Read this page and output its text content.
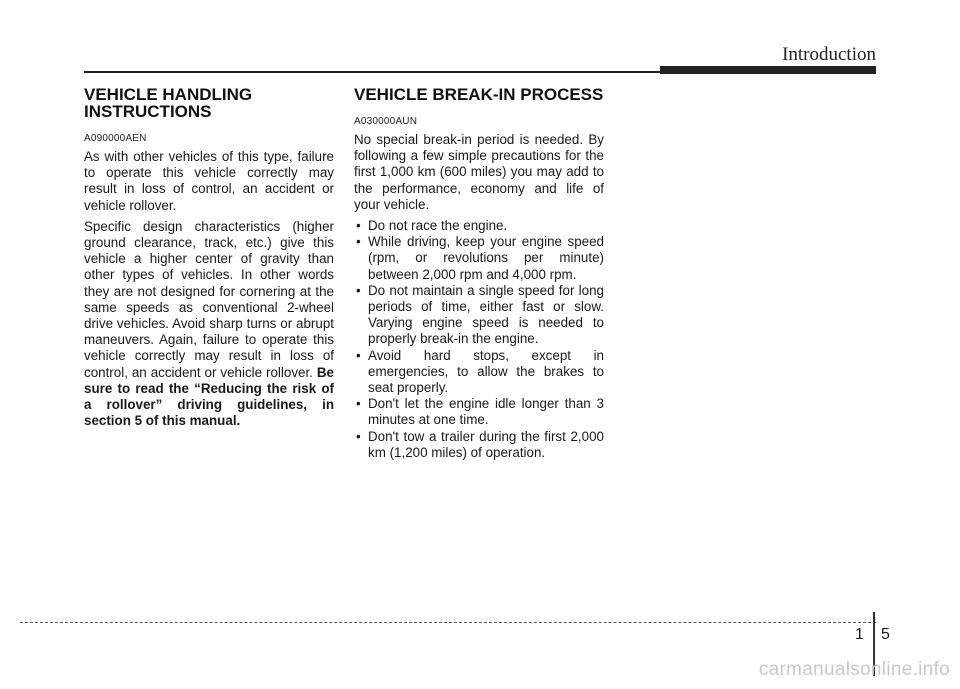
Introduction
VEHICLE HANDLING
INSTRUCTIONS
A090000AEN

As with other vehicles of this type, failure to operate this vehicle correctly may result in loss of control, an accident or vehicle rollover.

Specific design characteristics (higher ground clearance, track, etc.) give this vehicle a higher center of gravity than other types of vehicles. In other words they are not designed for cornering at the same speeds as conventional 2-wheel drive vehicles. Avoid sharp turns or abrupt maneuvers. Again, failure to operate this vehicle correctly may result in loss of control, an accident or vehicle rollover. Be sure to read the “Reducing the risk of a rollover” driving guidelines, in section 5 of this manual.

VEHICLE BREAK-IN PROCESS
A030000AUN

No special break-in period is needed. By following a few simple precautions for the first 1,000 km (600 miles) you may add to the performance, economy and life of your vehicle.

• Do not race the engine.
• While driving, keep your engine speed (rpm, or revolutions per minute) between 2,000 rpm and 4,000 rpm.
• Do not maintain a single speed for long periods of time, either fast or slow. Varying engine speed is needed to properly break-in the engine.
• Avoid hard stops, except in emergencies, to allow the brakes to seat properly.
• Don't let the engine idle longer than 3 minutes at one time.
• Don't tow a trailer during the first 2,000 km (1,200 miles) of operation.
1 5
carmanualsonline.info
